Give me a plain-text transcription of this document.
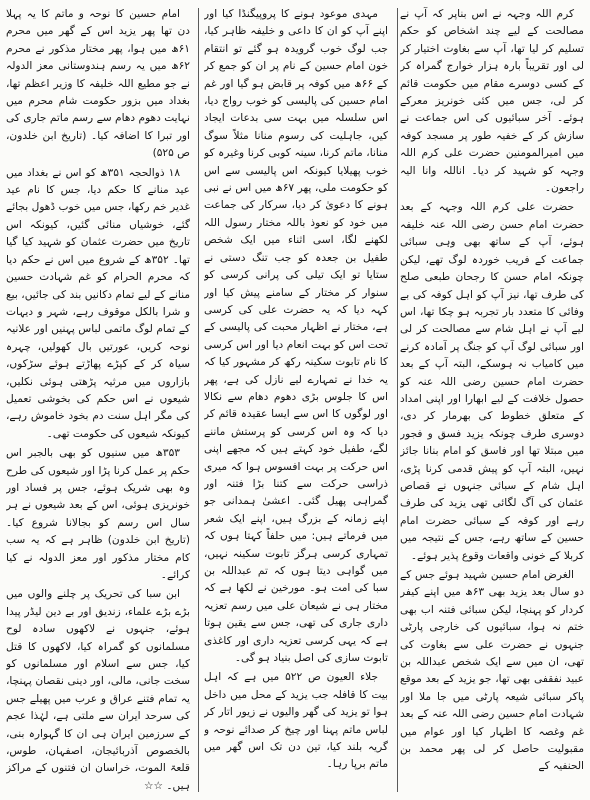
کرم اللہ وجہہ نے اس بناپر کہ آپ نے مصالحت کے لیے چند اشخاص کو حکم تسلیم کر لیا تھا، آپ سے بغاوت اختیار کر لی اور تقریباً بارہ ہزار خوارج گمراہ کر کے کسی دوسرے مقام میں حکومت قائم کر لی، جس میں کئی خونریز معرکے ہوئے۔ آخر سبائیوں کی اس جماعت نے سازش کر کے خفیہ طور پر مسجد کوفہ میں امیرالمومنین حضرت علی کرم اللہ وجہہ کو شہید کر دیا۔ اناللہ وانا الیہ راجعون۔

حضرت علی کرم اللہ وجہہ کے بعد حضرت امام حسن رضی اللہ عنہ خلیفہ ہوئے، آپ کے ساتھ بھی وہی سبائی جماعت کے فریب خوردہ لوگ تھے، لیکن چونکہ امام حسن کا رجحان طبعی صلح کی طرف تھا، نیز آپ کو اہل کوفہ کی بے وفائی کا متعدد بار تجربہ ہو چکا تھا، اس لیے آپ نے اہل شام سے مصالحت کر لی اور سبائی لوگ آپ کو جنگ پر آمادہ کرنے میں کامیاب نہ ہوسکے، البتہ آپ کے بعد حضرت امام حسین رضی اللہ عنہ کو حصول خلافت کے لیے ابھارا اور اپنی امداد کے متعلق خطوط کی بھرمار کر دی، دوسری طرف چونکہ یزید فسق و فجور میں مبتلا تھا اور فاسق کو امام بنانا جائز نہیں، البتہ آپ کو پیش قدمی کرنا پڑی، اہل شام کے سبائی جنہوں نے قصاص عثمان کی آگ لگائی تھی یزید کی طرف رہے اور کوفہ کے سبائی حضرت امام حسین کے ساتھ رہے، جس کے نتیجہ میں کربلا کے خونی واقعات وقوع پذیر ہوئے۔

الغرض امام حسین شہید ہوئے جس کے دو سال بعد یزید بھی ۶۳ھ میں اپنے کیفر کردار کو پہنچا، لیکن سبائی فتنہ اب بھی ختم نہ ہوا، سبائیوں کی خارجی پارٹی جنہوں نے حضرت علی سے بغاوت کی تھی، ان میں سے ایک شخص عبداللہ بن عبید نفقفی بھی تھا، جو یزید کے بعد موقع پاکر سبائی شیعہ پارٹی میں جا ملا اور شہادت امام حسین رضی اللہ عنہ کے بعد غم وغصہ کا اظہار کیا اور عوام میں مقبولیت حاصل کر لی پھر محمد بن الحنفیہ کے

مہدی موعود ہونے کا پروپیگنڈا کیا اور اپنے آپ کو ان کا داعی و خلیفہ ظاہر کیا، جب لوگ خوب گرویدہ ہو گئے تو انتقام خون امام حسین کے نام پر ان کو جمع کر کے ۶۶ھ میں کوفہ پر قابض ہو گیا اور غم امام حسین کی پالیسی کو خوب رواج دیا، اس سلسلہ میں بہت سی بدعات ایجاد کیں، جاہلیت کی رسوم منانا مثلاً سوگ منانا، ماتم کرنا، سینہ کوبی کرنا وغیرہ کو خوب پھیلایا کیونکہ اس پالیسی سے اس کو حکومت ملی، پھر ۶۷ھ میں اس نے نبی ہونے کا دعویٰ کر دیا، سرکار کی جماعت میں خود کو نعوذ باللہ مختار رسول اللہ لکھنے لگا، اسی اثناء میں ایک شخص طفیل بن جعدہ کو جب تنگ دستی نے ستایا تو ایک تیلی کی پرانی کرسی کو سنوار کر مختار کے سامنے پیش کیا اور کہہ دیا کہ یہ حضرت علی کی کرسی ہے، مختار نے اظہار محبت کی پالیسی کے تحت اس کو بہت انعام دیا اور اس کرسی کا نام تابوت سکینہ رکھ کر مشہور کیا کہ یہ خدا نے تمہارے لیے نازل کی ہے، پھر اس کا جلوس بڑی دھوم دھام سے نکالا اور لوگوں کا اس سے ایسا عقیدہ قائم کر دیا کہ وہ اس کرسی کو پرستش ماننے لگے، طفیل خود کہتے ہیں کہ مجھے اپنی اس حرکت پر بہت افسوس ہوا کہ میری ذراسی حرکت سے کتنا بڑا فتنہ اور گمراہی پھیل گئی۔ اعشیٰ ہمدانی جو اپنے زمانہ کے بزرگ ہیں، اپنے ایک شعر میں فرماتے ہیں: میں حلفاً کہتا ہوں کہ تمہاری کرسی ہرگز تابوت سکینہ نہیں، میں گواہی دیتا ہوں کہ تم عبداللہ بن سبا کی امت ہو۔ مورخین نے لکھا ہے کہ مختار ہی نے شیعان علی میں رسم تعزیہ داری جاری کی تھی، جس سے یقین ہوتا ہے کہ یہی کرسی تعزیہ داری اور کاغذی تابوت سازی کی اصل بنیاد ہو گی۔

جلاء العیون ص ۵۲۲ میں ہے کہ اہل بیت کا قافلہ جب یزید کے محل میں داخل ہوا تو یزید کی گھر والیوں نے زیور اتار کر لباس ماتم پہنا اور چیخ کر صدائے نوحہ و گریہ بلند کیا، تین دن تک اس گھر میں ماتم برپا رہا۔

امام حسین کا نوحہ و ماتم کا یہ پہلا دن تھا پھر یزید اس کے گھر میں محرم ۶۱ھ میں ہوا، پھر مختار مذکور نے محرم ۶۲ھ میں یہ رسم ہندوستانی معز الدولہ نے جو مطیع اللہ خلیفہ کا وزیر اعظم تھا، بغداد میں بزور حکومت شام محرم میں نہایت دھوم دھام سے رسم ماتم جاری کی اور تبرا کا اضافہ کیا۔ (تاریخ ابن خلدون، ص ۵۲۵)

۱۸ ذوالحجہ ۳۵۱ھ کو اس نے بغداد میں عید منانے کا حکم دیا، جس کا نام عید غدیر خم رکھا، جس میں خوب ڈھول بجائے گئے، خوشیاں منائی گئیں، کیونکہ اس تاریخ میں حضرت عثمان کو شہید کیا گیا تھا۔ ۳۵۲ھ کے شروع میں اس نے حکم دیا کہ محرم الحرام کو غم شہادت حسین منانے کے لیے تمام دکانیں بند کی جائیں، بیع و شرا بالکل موقوف رہے، شہر و دیہات کے تمام لوگ ماتمی لباس پہنیں اور علانیہ نوحہ کریں، عورتیں بال کھولیں، چہرہ سیاہ کر کے کپڑے پھاڑتے ہوئے سڑکوں، بازاروں میں مرثیہ پڑھتی ہوئی نکلیں، شیعوں نے اس حکم کی بخوشی تعمیل کی مگر اہل سنت دم بخود خاموش رہے، کیونکہ شیعوں کی حکومت تھی۔

۳۵۳ھ میں سنیوں کو بھی بالجبر اس حکم پر عمل کرنا پڑا اور شیعوں کی طرح وہ بھی شریک ہوئے، جس پر فساد اور خونریزی ہوئی، اس کے بعد شیعوں نے ہر سال اس رسم کو بجالانا شروع کیا۔ (تاریخ ابن خلدون) ظاہر ہے کہ یہ سب کام مختار مذکور اور معز الدولہ نے کیا کرائے۔

ابن سبا کی تحریک پر چلنے والوں میں بڑے بڑے علماء، زندیق اور بے دین لیڈر پیدا ہوئے، جنہوں نے لاکھوں سادہ لوح مسلمانوں کو گمراہ کیا، لاکھوں کا قتل کیا، جس سے اسلام اور مسلمانوں کو سخت جانی، مالی، اور دینی نقصان پہنچا، یہ تمام فتنے عراق و عرب میں پھیلے جس کی سرحد ایران سے ملتی ہے، لہٰذا عجم کے سرزمین ایران ہی ان کا گہوارہ بنی، بالخصوص آذربائیجان، اصفہان، طوس، قلعۃ الموت، خراسان ان فتنوں کے مراکز ہیں۔ ☆☆
